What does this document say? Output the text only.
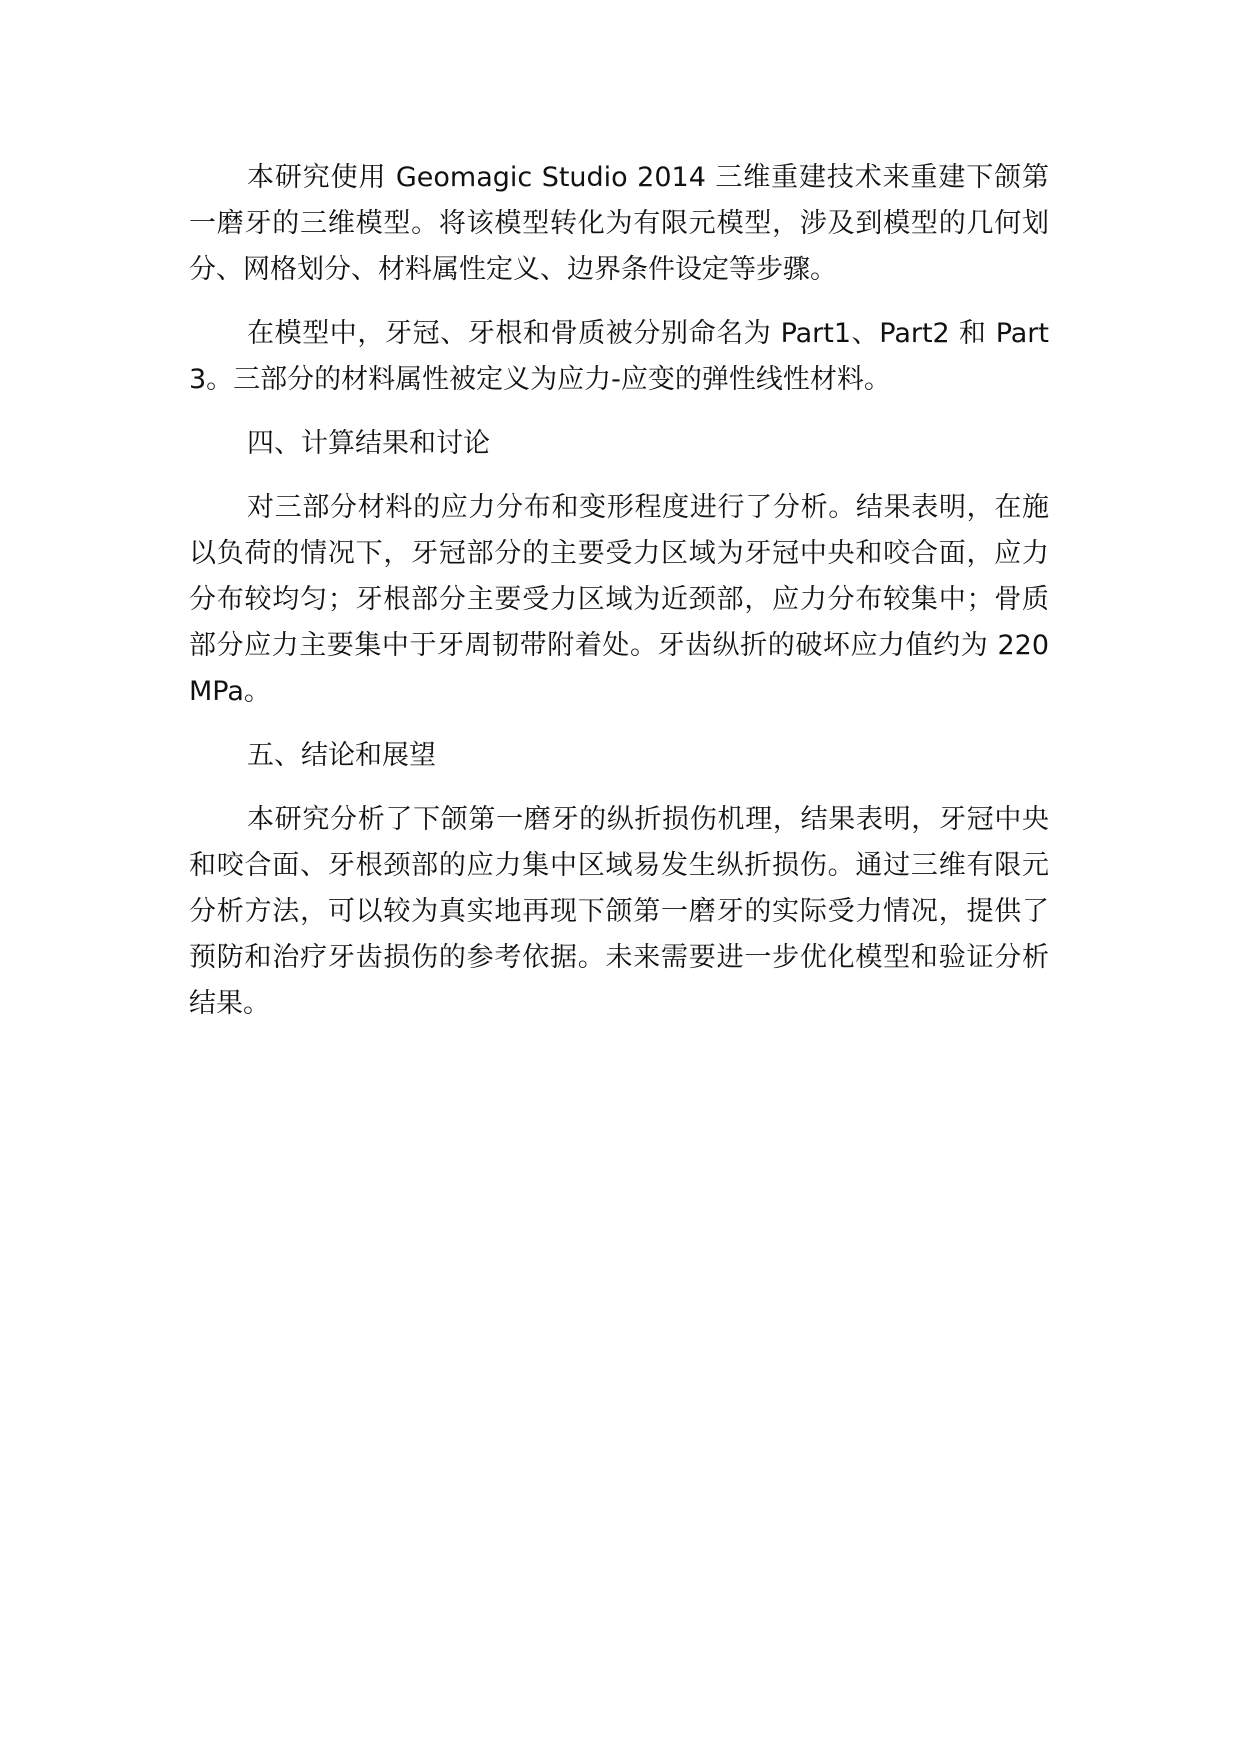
本研究使用 Geomagic Studio 2014 三维重建技术来重建下颌第一磨牙的三维模型。将该模型转化为有限元模型，涉及到模型的几何划分、网格划分、材料属性定义、边界条件设定等步骤。

在模型中，牙冠、牙根和骨质被分别命名为 Part1、Part2 和 Part3。三部分的材料属性被定义为应力-应变的弹性线性材料。

四、计算结果和讨论

对三部分材料的应力分布和变形程度进行了分析。结果表明，在施以负荷的情况下，牙冠部分的主要受力区域为牙冠中央和咬合面，应力分布较均匀；牙根部分主要受力区域为近颈部，应力分布较集中；骨质部分应力主要集中于牙周韧带附着处。牙齿纵折的破坏应力值约为 220MPa。

五、结论和展望

本研究分析了下颌第一磨牙的纵折损伤机理，结果表明，牙冠中央和咬合面、牙根颈部的应力集中区域易发生纵折损伤。通过三维有限元分析方法，可以较为真实地再现下颌第一磨牙的实际受力情况，提供了预防和治疗牙齿损伤的参考依据。未来需要进一步优化模型和验证分析结果。
